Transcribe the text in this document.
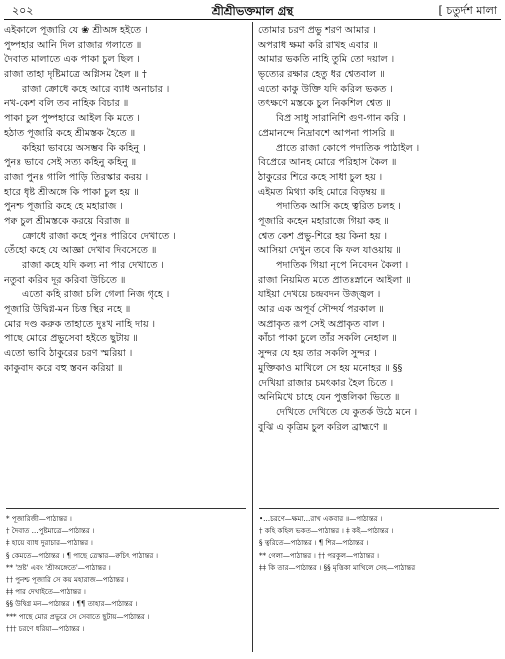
২০২	শ্রীশ্রীভক্তমাল গ্রন্থ	[ চতুর্দশ মালা
এইকালে পূজারি যে ❀ শ্রীঅঙ্গ হইতে ।
পুষ্পহার আনি দিল রাজার গলাতে ॥
দৈবাত মালাতে এক পাকা চুল ছিল ।
রাজা তাহা দৃষ্টিমাত্রে অগ্নিসম হৈল ॥ †
রাজা ক্রোধে কহে আরে ব্যাধ অনাচার ।
নখ-কেশ বলি তব নাহিক বিচার ॥
পাকা চুল পুষ্পহারে আইল কি মতে ।
হঠাত পূজারি কহে শ্রীমস্তক হৈতে ॥
কহিয়া ভাবয়ে অসম্ভব কি কহিনু ।
পুনঃ ভাবে সেই সত্য কহিনু কহিনু ॥
রাজা পুনঃ গালি পাড়ি তিরস্কার করয় ।
হারে ধৃষ্ট শ্রীঅঙ্গে কি পাকা চুল হয় ॥
পুনশ্চ পূজারি কহে হে মহারাজ ।
পক্ব চুল শ্রীমস্তকে করয়ে বিরাজ ॥
ক্রোধে রাজা কহে পুনঃ পারিবে দেখাতে ।
তেঁহো কহে যে আজ্ঞা দেখাব দিবসেতে ॥
রাজা কহে যদি কল্য না পার দেখাতে ।
নতুবা করিব দূর করিবা উচিতে ॥
এতো কহি রাজা চলি গেলা নিজ গৃহে ।
পূজারি উদ্বিগ্ন-মন চিত্ত স্থির নহে ॥
মোর দণ্ড করুক তাহাতে দুঃখ নাহি দায় ।
পাছে মোরে প্রভুসেবা হইতে ছুটায় ॥
এতো ভাবি ঠাকুরের চরণ স্মরিয়া ।
কাকুবাদ করে বহু স্তবন করিয়া ॥
তোমার চরণ প্রভু শরণ আমার ।
অপরাধ ক্ষমা করি রাখহ এবার ॥
আমার ভকতি নাহি তুমি তো দয়াল ।
ভৃত্যের রক্ষার হেতু ধর শ্বেতবাল ॥
এতো কাকু উক্তি যদি করিল ভকত ।
তৎক্ষণে মস্তকে চুল নিকশিল শ্বেত ॥
বিপ্র সাধু সারানিশি গুণ-গান করি ।
প্রেমানন্দে নিদ্রাবশে আপনা পাসরি ॥
প্রাতে রাজা কোপে পদাতিক পাঠাইল ।
বিপ্রেরে আনহ মোরে পরিহাস কৈল ॥
ঠাকুরের শিরে কহে সাধা চুল হয় ।
এইমত মিথ্যা কহি মোরে বিড়ম্বয় ॥
পদাতিক আসি কহে ত্বরিত চলহ ।
পূজারি কহেন মহারাজে গিয়া কহ ॥
শ্বেত কেশ প্রভু-শিরে হয় কিনা হয় ।
আসিয়া দেখুন তবে কি ফল যাওয়ায় ॥
পদাতিক গিয়া নৃপে নিবেদন কৈলা ।
রাজা নিয়মিত মতে প্রাতঃস্নানে আইলা ॥
যাইয়া দেখয়ে চন্দ্রবদন উজ্জ্বল ।
আর এক অপূর্ব সৌন্দর্য পরকাল ॥
অপ্রাকৃত রূপ সেই অপ্রাকৃত বাল ।
কাঁচা পাকা চুলে তাঁর সকলি নেহাল ॥
সুন্দর যে হয় তার সকলি সুন্দর ।
মুক্তিকাও মাখিলে সে হয় মনোহর ॥ §§
দেখিয়া রাজার চমৎকার হৈল চিতে ।
অনিমিখে চাহে যেন পুত্তলিকা ভিতে ॥
দেখিতে দেখিতে যে কুতর্ক উঠে মনে ।
বুঝি এ কৃত্রিম চুল করিল ব্রাহ্মণে ॥
* পূজারিজী—পাঠান্তর ।
† দৈবাত …পুষ্টমাত্রে—পাঠান্তর ।
‡ হায়ে ব্যাধ দুরাচার—পাঠান্তর ।
§ কেমতে—পাঠান্তর । ¶ পাছে ত্রেস্কার—ক্বচিৎ পাঠান্তর ।
** 'স্রষ্ট' এবং 'শ্রীঅঙ্গেতে'—পাঠান্তর ।
†† পুনশ্চ পূজারি সে কয় মহারাজ—পাঠান্তর ।
‡‡ পার দেখাইতে—পাঠান্তর ।
§§ উদ্বিগ্ন মন—পাঠান্তর । ¶¶ তাহার—পাঠান্তর ।
*** পাছে মোর প্রভুরে সে সেবাতে ছুটায়—পাঠান্তর ।
††† চরণে ধরিয়া—পাঠান্তর ।
•…চরণে—ক্ষমা…রাখ একবার ॥—পাঠান্তর ।
† কহি কহিল ভকত—পাঠান্তর । ‡ কই—পাঠান্তর ।
§ ত্বরিতে—পাঠান্তর । ¶ শির—পাঠান্তর ।
** গেলা—পাঠান্তর । †† পরকুল—পাঠান্তর ।
‡‡ কি তার—পাঠান্তর । §§ মৃত্তিকা মাখিলে সেহ—পাঠান্তর
